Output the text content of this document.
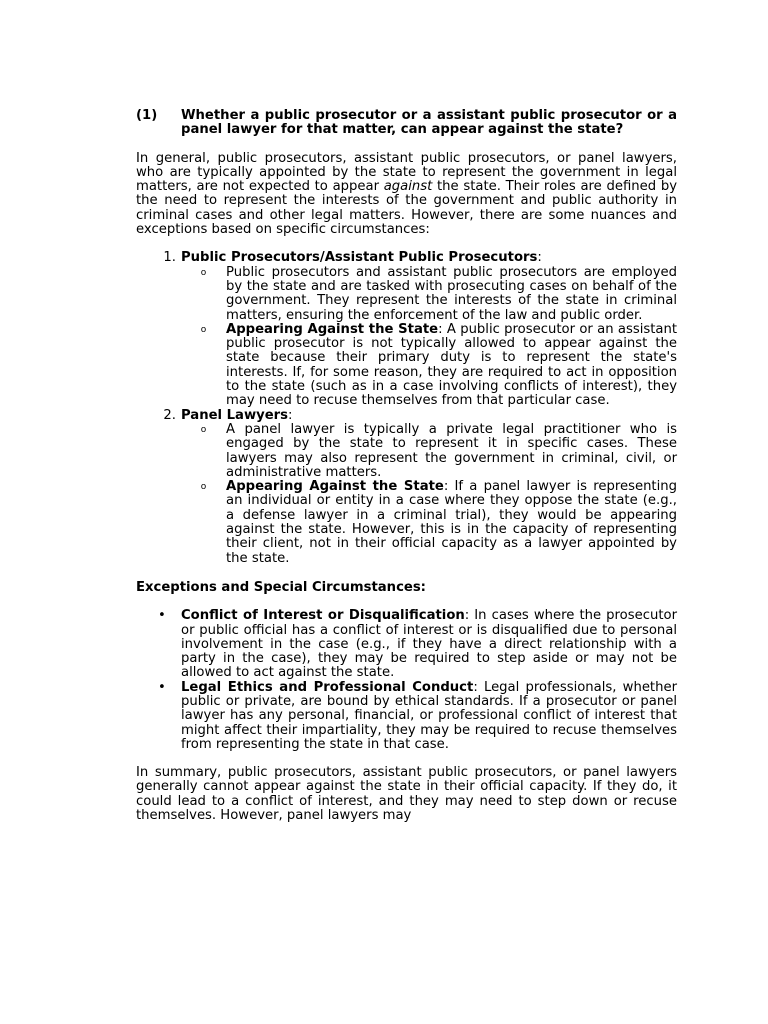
(1)	Whether a public prosecutor or a assistant public prosecutor or a panel lawyer for that matter, can appear against the state?

In general, public prosecutors, assistant public prosecutors, or panel lawyers, who are typically appointed by the state to represent the government in legal matters, are not expected to appear against the state. Their roles are defined by the need to represent the interests of the government and public authority in criminal cases and other legal matters. However, there are some nuances and exceptions based on specific circumstances:

1. Public Prosecutors/Assistant Public Prosecutors:
o	Public prosecutors and assistant public prosecutors are employed by the state and are tasked with prosecuting cases on behalf of the government. They represent the interests of the state in criminal matters, ensuring the enforcement of the law and public order.
o	Appearing Against the State: A public prosecutor or an assistant public prosecutor is not typically allowed to appear against the state because their primary duty is to represent the state's interests. If, for some reason, they are required to act in opposition to the state (such as in a case involving conflicts of interest), they may need to recuse themselves from that particular case.
2. Panel Lawyers:
o	A panel lawyer is typically a private legal practitioner who is engaged by the state to represent it in specific cases. These lawyers may also represent the government in criminal, civil, or administrative matters.
o	Appearing Against the State: If a panel lawyer is representing an individual or entity in a case where they oppose the state (e.g., a defense lawyer in a criminal trial), they would be appearing against the state. However, this is in the capacity of representing their client, not in their official capacity as a lawyer appointed by the state.

Exceptions and Special Circumstances:

•	Conflict of Interest or Disqualification: In cases where the prosecutor or public official has a conflict of interest or is disqualified due to personal involvement in the case (e.g., if they have a direct relationship with a party in the case), they may be required to step aside or may not be allowed to act against the state.
•	Legal Ethics and Professional Conduct: Legal professionals, whether public or private, are bound by ethical standards. If a prosecutor or panel lawyer has any personal, financial, or professional conflict of interest that might affect their impartiality, they may be required to recuse themselves from representing the state in that case.

In summary, public prosecutors, assistant public prosecutors, or panel lawyers generally cannot appear against the state in their official capacity. If they do, it could lead to a conflict of interest, and they may need to step down or recuse themselves. However, panel lawyers may
